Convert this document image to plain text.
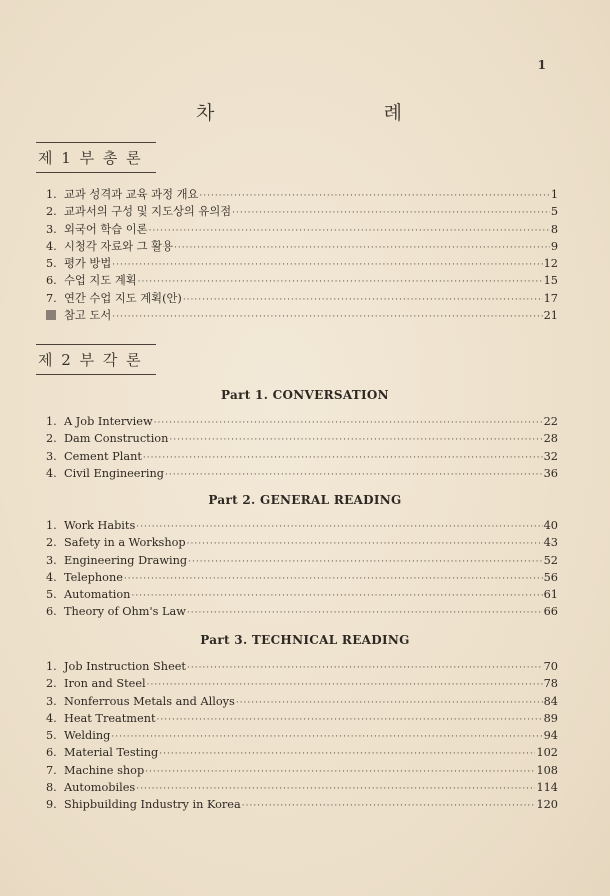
1
차	례
제 1 부 총 론
1. 교과 성격과 교육 과정 개요 ·····	1
2. 교과서의 구성 및 지도상의 유의점 ·····	5
3. 외국어 학습 이론 ·····	8
4. 시청각 자료와 그 활용 ·····	9
5. 평가 방법 ·····	12
6. 수업 지도 계획 ·····	15
7. 연간 수업 지도 계획(안) ·····	17
참고 도서 ·····	21
제 2 부 각 론
Part 1. CONVERSATION
1. A Job Interview ·····	22
2. Dam Construction ·····	28
3. Cement Plant ·····	32
4. Civil Engineering ·····	36
Part 2. GENERAL READING
1. Work Habits ·····	40
2. Safety in a Workshop ·····	43
3. Engineering Drawing ·····	52
4. Telephone ·····	56
5. Automation ·····	61
6. Theory of Ohm's Law ·····	66
Part 3. TECHNICAL READING
1. Job Instruction Sheet ·····	70
2. Iron and Steel ·····	78
3. Nonferrous Metals and Alloys ·····	84
4. Heat Treatment ·····	89
5. Welding ·····	94
6. Material Testing ·····	102
7. Machine shop ·····	108
8. Automobiles ·····	114
9. Shipbuilding Industry in Korea ·····	120
